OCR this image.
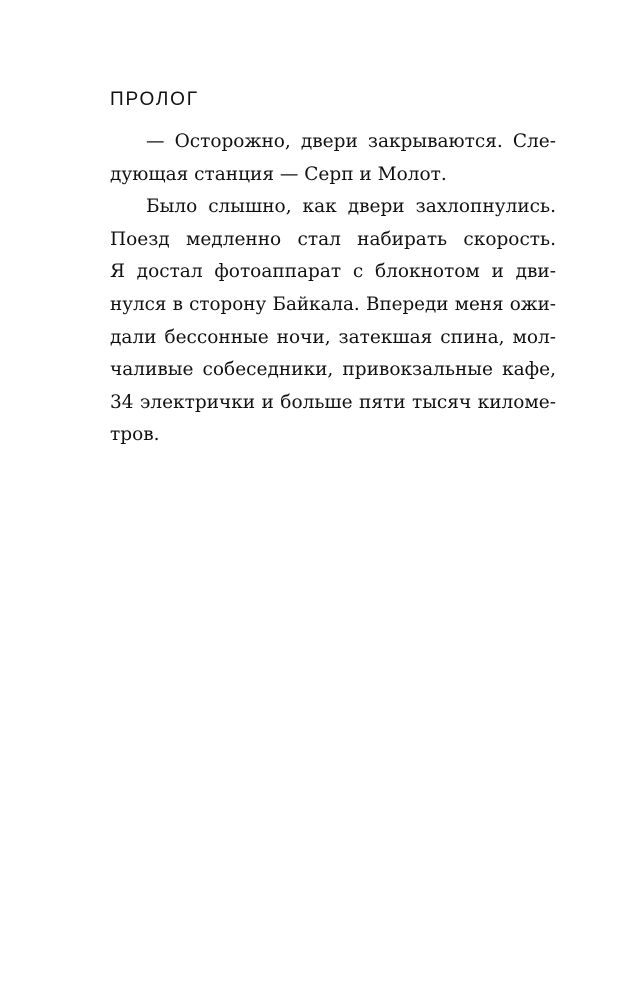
ПРОЛОГ
— Осторожно, двери закрываются. Сле-
дующая станция — Серп и Молот.
Было слышно, как двери захлопнулись.
Поезд медленно стал набирать скорость.
Я достал фотоаппарат с блокнотом и дви-
нулся в сторону Байкала. Впереди меня ожи-
дали бессонные ночи, затекшая спина, мол-
чаливые собеседники, привокзальные кафе,
34 электрички и больше пяти тысяч киломе-
тров.
